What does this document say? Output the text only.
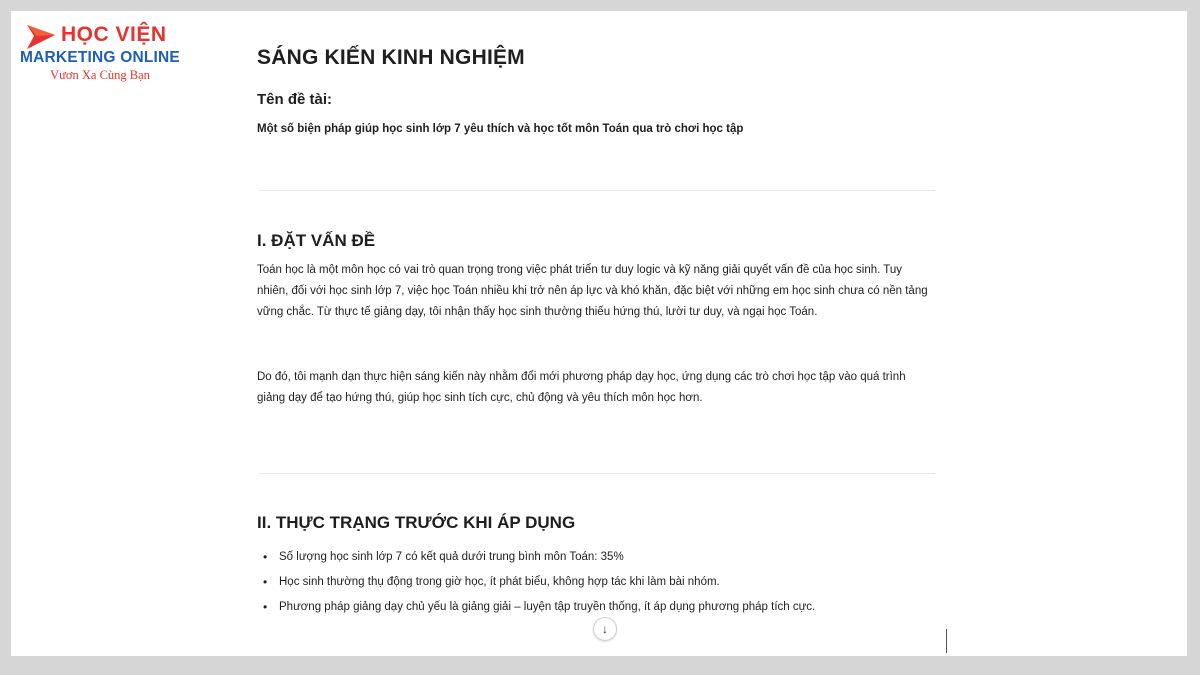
HỌC VIỆN
MARKETING ONLINE
Vươn Xa Cùng Bạn
SÁNG KIẾN KINH NGHIỆM
Tên đề tài:
Một số biện pháp giúp học sinh lớp 7 yêu thích và học tốt môn Toán qua trò chơi học tập
I. ĐẶT VẤN ĐỀ

Toán học là một môn học có vai trò quan trọng trong việc phát triển tư duy logic và kỹ năng giải quyết vấn đề của học sinh. Tuy nhiên, đối với học sinh lớp 7, việc học Toán nhiều khi trở nên áp lực và khó khăn, đặc biệt với những em học sinh chưa có nền tảng vững chắc. Từ thực tế giảng dạy, tôi nhận thấy học sinh thường thiếu hứng thú, lười tư duy, và ngại học Toán.

Do đó, tôi mạnh dạn thực hiện sáng kiến này nhằm đổi mới phương pháp dạy học, ứng dụng các trò chơi học tập vào quá trình giảng dạy để tạo hứng thú, giúp học sinh tích cực, chủ động và yêu thích môn học hơn.

II. THỰC TRẠNG TRƯỚC KHI ÁP DỤNG
• Số lượng học sinh lớp 7 có kết quả dưới trung bình môn Toán: 35%
• Học sinh thường thụ động trong giờ học, ít phát biểu, không hợp tác khi làm bài nhóm.
• Phương pháp giảng dạy chủ yếu là giảng giải – luyện tập truyền thống, ít áp dụng phương pháp tích cực.
↓
